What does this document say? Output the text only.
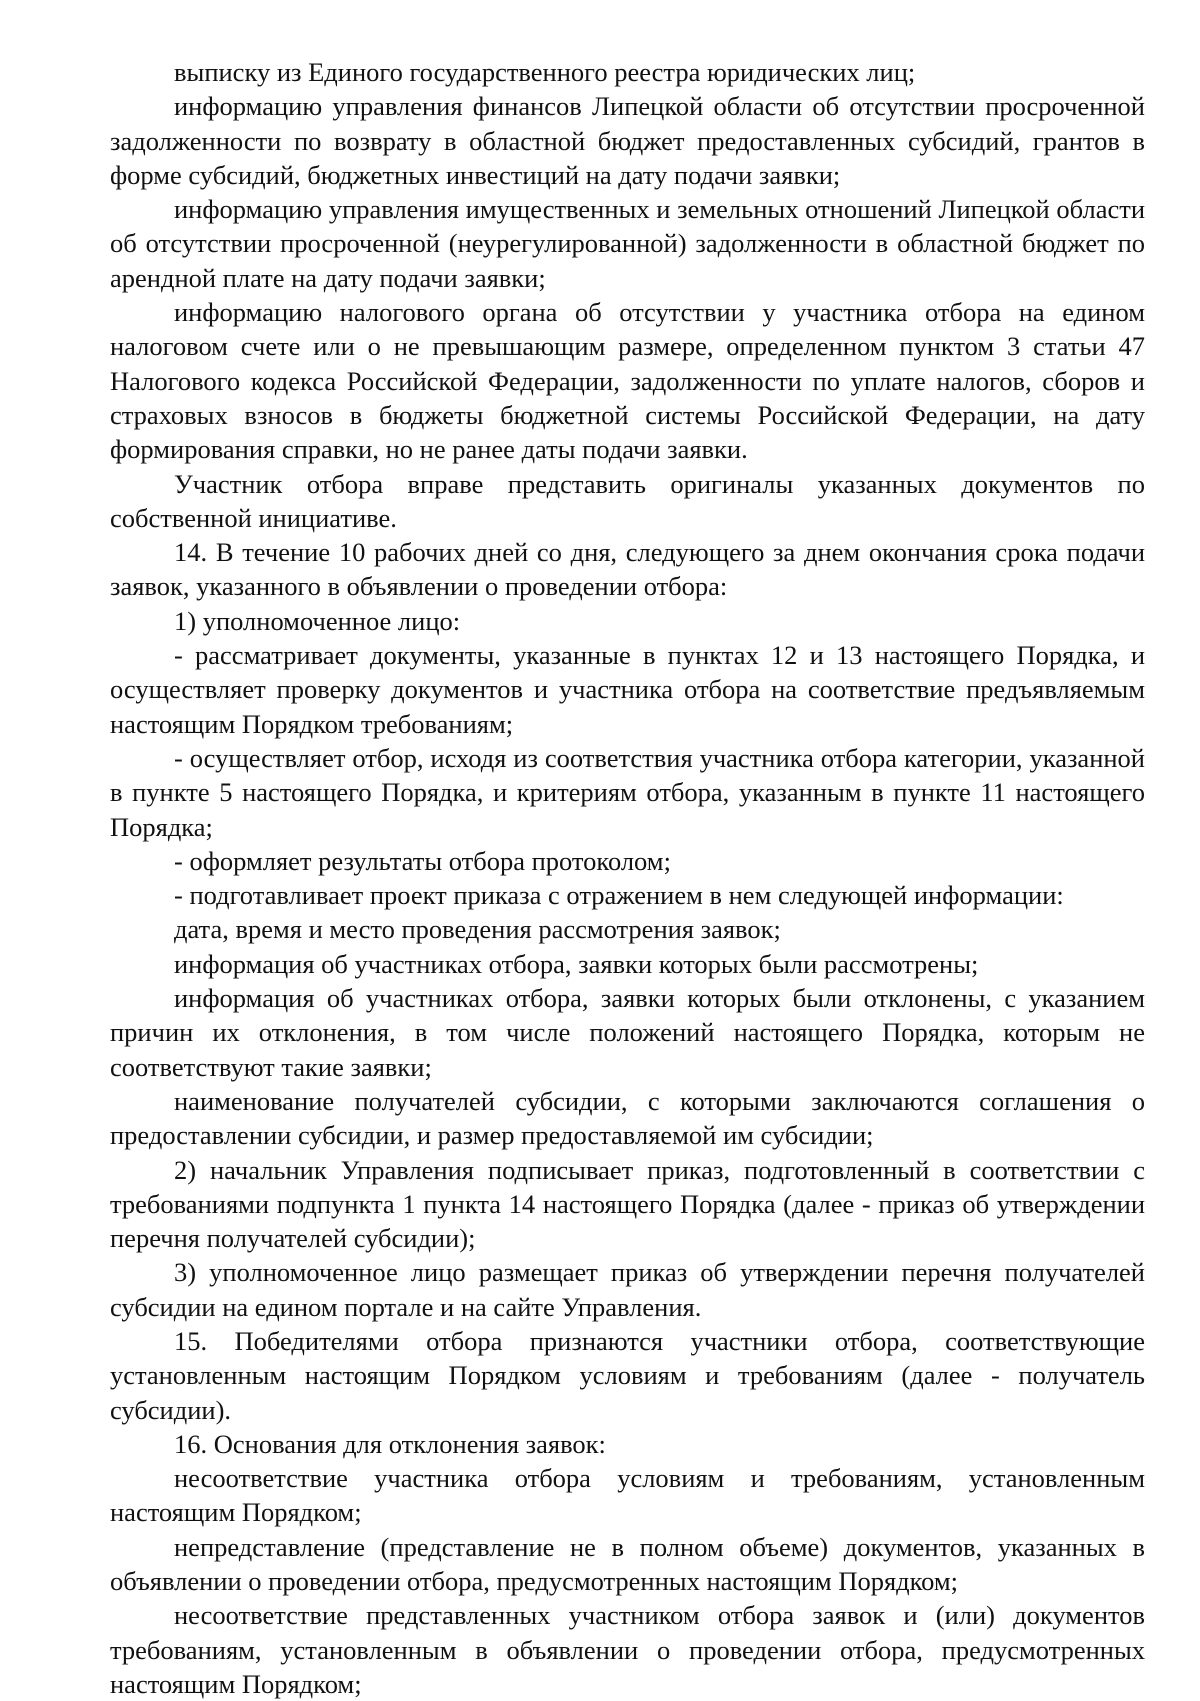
выписку из Единого государственного реестра юридических лиц;

информацию управления финансов Липецкой области об отсутствии просроченной задолженности по возврату в областной бюджет предоставленных субсидий, грантов в форме субсидий, бюджетных инвестиций на дату подачи заявки;

информацию управления имущественных и земельных отношений Липецкой области об отсутствии просроченной (неурегулированной) задолженности в областной бюджет по арендной плате на дату подачи заявки;

информацию налогового органа об отсутствии у участника отбора на едином налоговом счете или о не превышающим размере, определенном пунктом 3 статьи 47 Налогового кодекса Российской Федерации, задолженности по уплате налогов, сборов и страховых взносов в бюджеты бюджетной системы Российской Федерации, на дату формирования справки, но не ранее даты подачи заявки.

Участник отбора вправе представить оригиналы указанных документов по собственной инициативе.

14. В течение 10 рабочих дней со дня, следующего за днем окончания срока подачи заявок, указанного в объявлении о проведении отбора:

1) уполномоченное лицо:

- рассматривает документы, указанные в пунктах 12 и 13 настоящего Порядка, и осуществляет проверку документов и участника отбора на соответствие предъявляемым настоящим Порядком требованиям;

- осуществляет отбор, исходя из соответствия участника отбора категории, указанной в пункте 5 настоящего Порядка, и критериям отбора, указанным в пункте 11 настоящего Порядка;

- оформляет результаты отбора протоколом;

- подготавливает проект приказа с отражением в нем следующей информации:

дата, время и место проведения рассмотрения заявок;

информация об участниках отбора, заявки которых были рассмотрены;

информация об участниках отбора, заявки которых были отклонены, с указанием причин их отклонения, в том числе положений настоящего Порядка, которым не соответствуют такие заявки;

наименование получателей субсидии, с которыми заключаются соглашения о предоставлении субсидии, и размер предоставляемой им субсидии;

2) начальник Управления подписывает приказ, подготовленный в соответствии с требованиями подпункта 1 пункта 14 настоящего Порядка (далее - приказ об утверждении перечня получателей субсидии);

3) уполномоченное лицо размещает приказ об утверждении перечня получателей субсидии на едином портале и на сайте Управления.

15. Победителями отбора признаются участники отбора, соответствующие установленным настоящим Порядком условиям и требованиям (далее - получатель субсидии).

16. Основания для отклонения заявок:

несоответствие участника отбора условиям и требованиям, установленным настоящим Порядком;

непредставление (представление не в полном объеме) документов, указанных в объявлении о проведении отбора, предусмотренных настоящим Порядком;

несоответствие представленных участником отбора заявок и (или) документов требованиям, установленным в объявлении о проведении отбора, предусмотренных настоящим Порядком;
